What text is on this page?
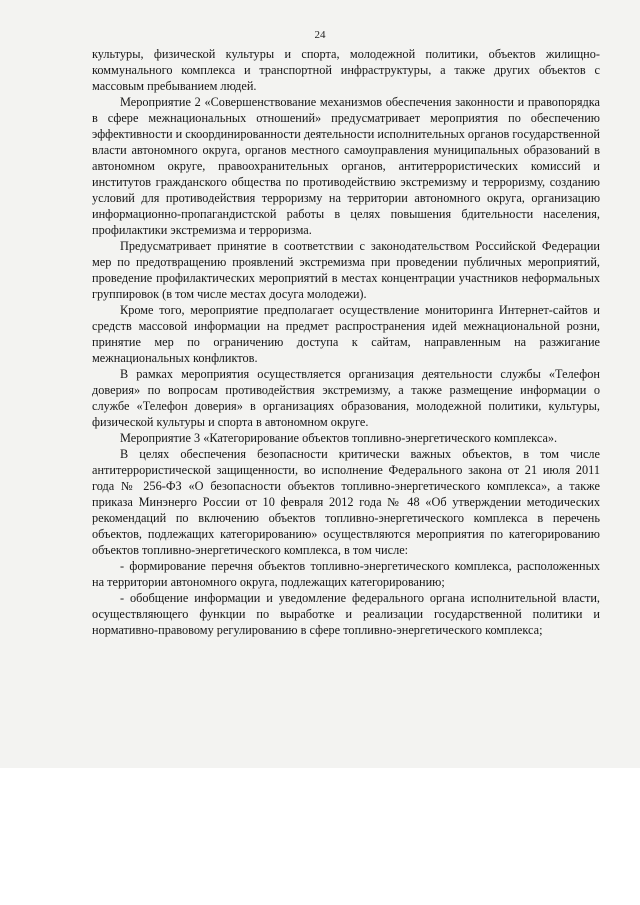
24

культуры, физической культуры и спорта, молодежной политики, объектов жилищно-коммунального комплекса и транспортной инфраструктуры, а также других объектов с массовым пребыванием людей.

Мероприятие 2 «Совершенствование механизмов обеспечения законности и правопорядка в сфере межнациональных отношений» предусматривает мероприятия по обеспечению эффективности и скоординированности деятельности исполнительных органов государственной власти автономного округа, органов местного самоуправления муниципальных образований в автономном округе, правоохранительных органов, антитеррористических комиссий и институтов гражданского общества по противодействию экстремизму и терроризму, созданию условий для противодействия терроризму на территории автономного округа, организацию информационно-пропагандистской работы в целях повышения бдительности населения, профилактики экстремизма и терроризма.

Предусматривает принятие в соответствии с законодательством Российской Федерации мер по предотвращению проявлений экстремизма при проведении публичных мероприятий, проведение профилактических мероприятий в местах концентрации участников неформальных группировок (в том числе местах досуга молодежи).

Кроме того, мероприятие предполагает осуществление мониторинга Интернет-сайтов и средств массовой информации на предмет распространения идей межнациональной розни, принятие мер по ограничению доступа к сайтам, направленным на разжигание межнациональных конфликтов.

В рамках мероприятия осуществляется организация деятельности службы «Телефон доверия» по вопросам противодействия экстремизму, а также размещение информации о службе «Телефон доверия» в организациях образования, молодежной политики, культуры, физической культуры и спорта в автономном округе.

Мероприятие 3 «Категорирование объектов топливно-энергетического комплекса».

В целях обеспечения безопасности критически важных объектов, в том числе антитеррористической защищенности, во исполнение Федерального закона от 21 июля 2011 года № 256-ФЗ «О безопасности объектов топливно-энергетического комплекса», а также приказа Минэнерго России от 10 февраля 2012 года № 48 «Об утверждении методических рекомендаций по включению объектов топливно-энергетического комплекса в перечень объектов, подлежащих категорированию» осуществляются мероприятия по категорированию объектов топливно-энергетического комплекса, в том числе:

- формирование перечня объектов топливно-энергетического комплекса, расположенных на территории автономного округа, подлежащих категорированию;

- обобщение информации и уведомление федерального органа исполнительной власти, осуществляющего функции по выработке и реализации государственной политики и нормативно-правовому регулированию в сфере топливно-энергетического комплекса;
